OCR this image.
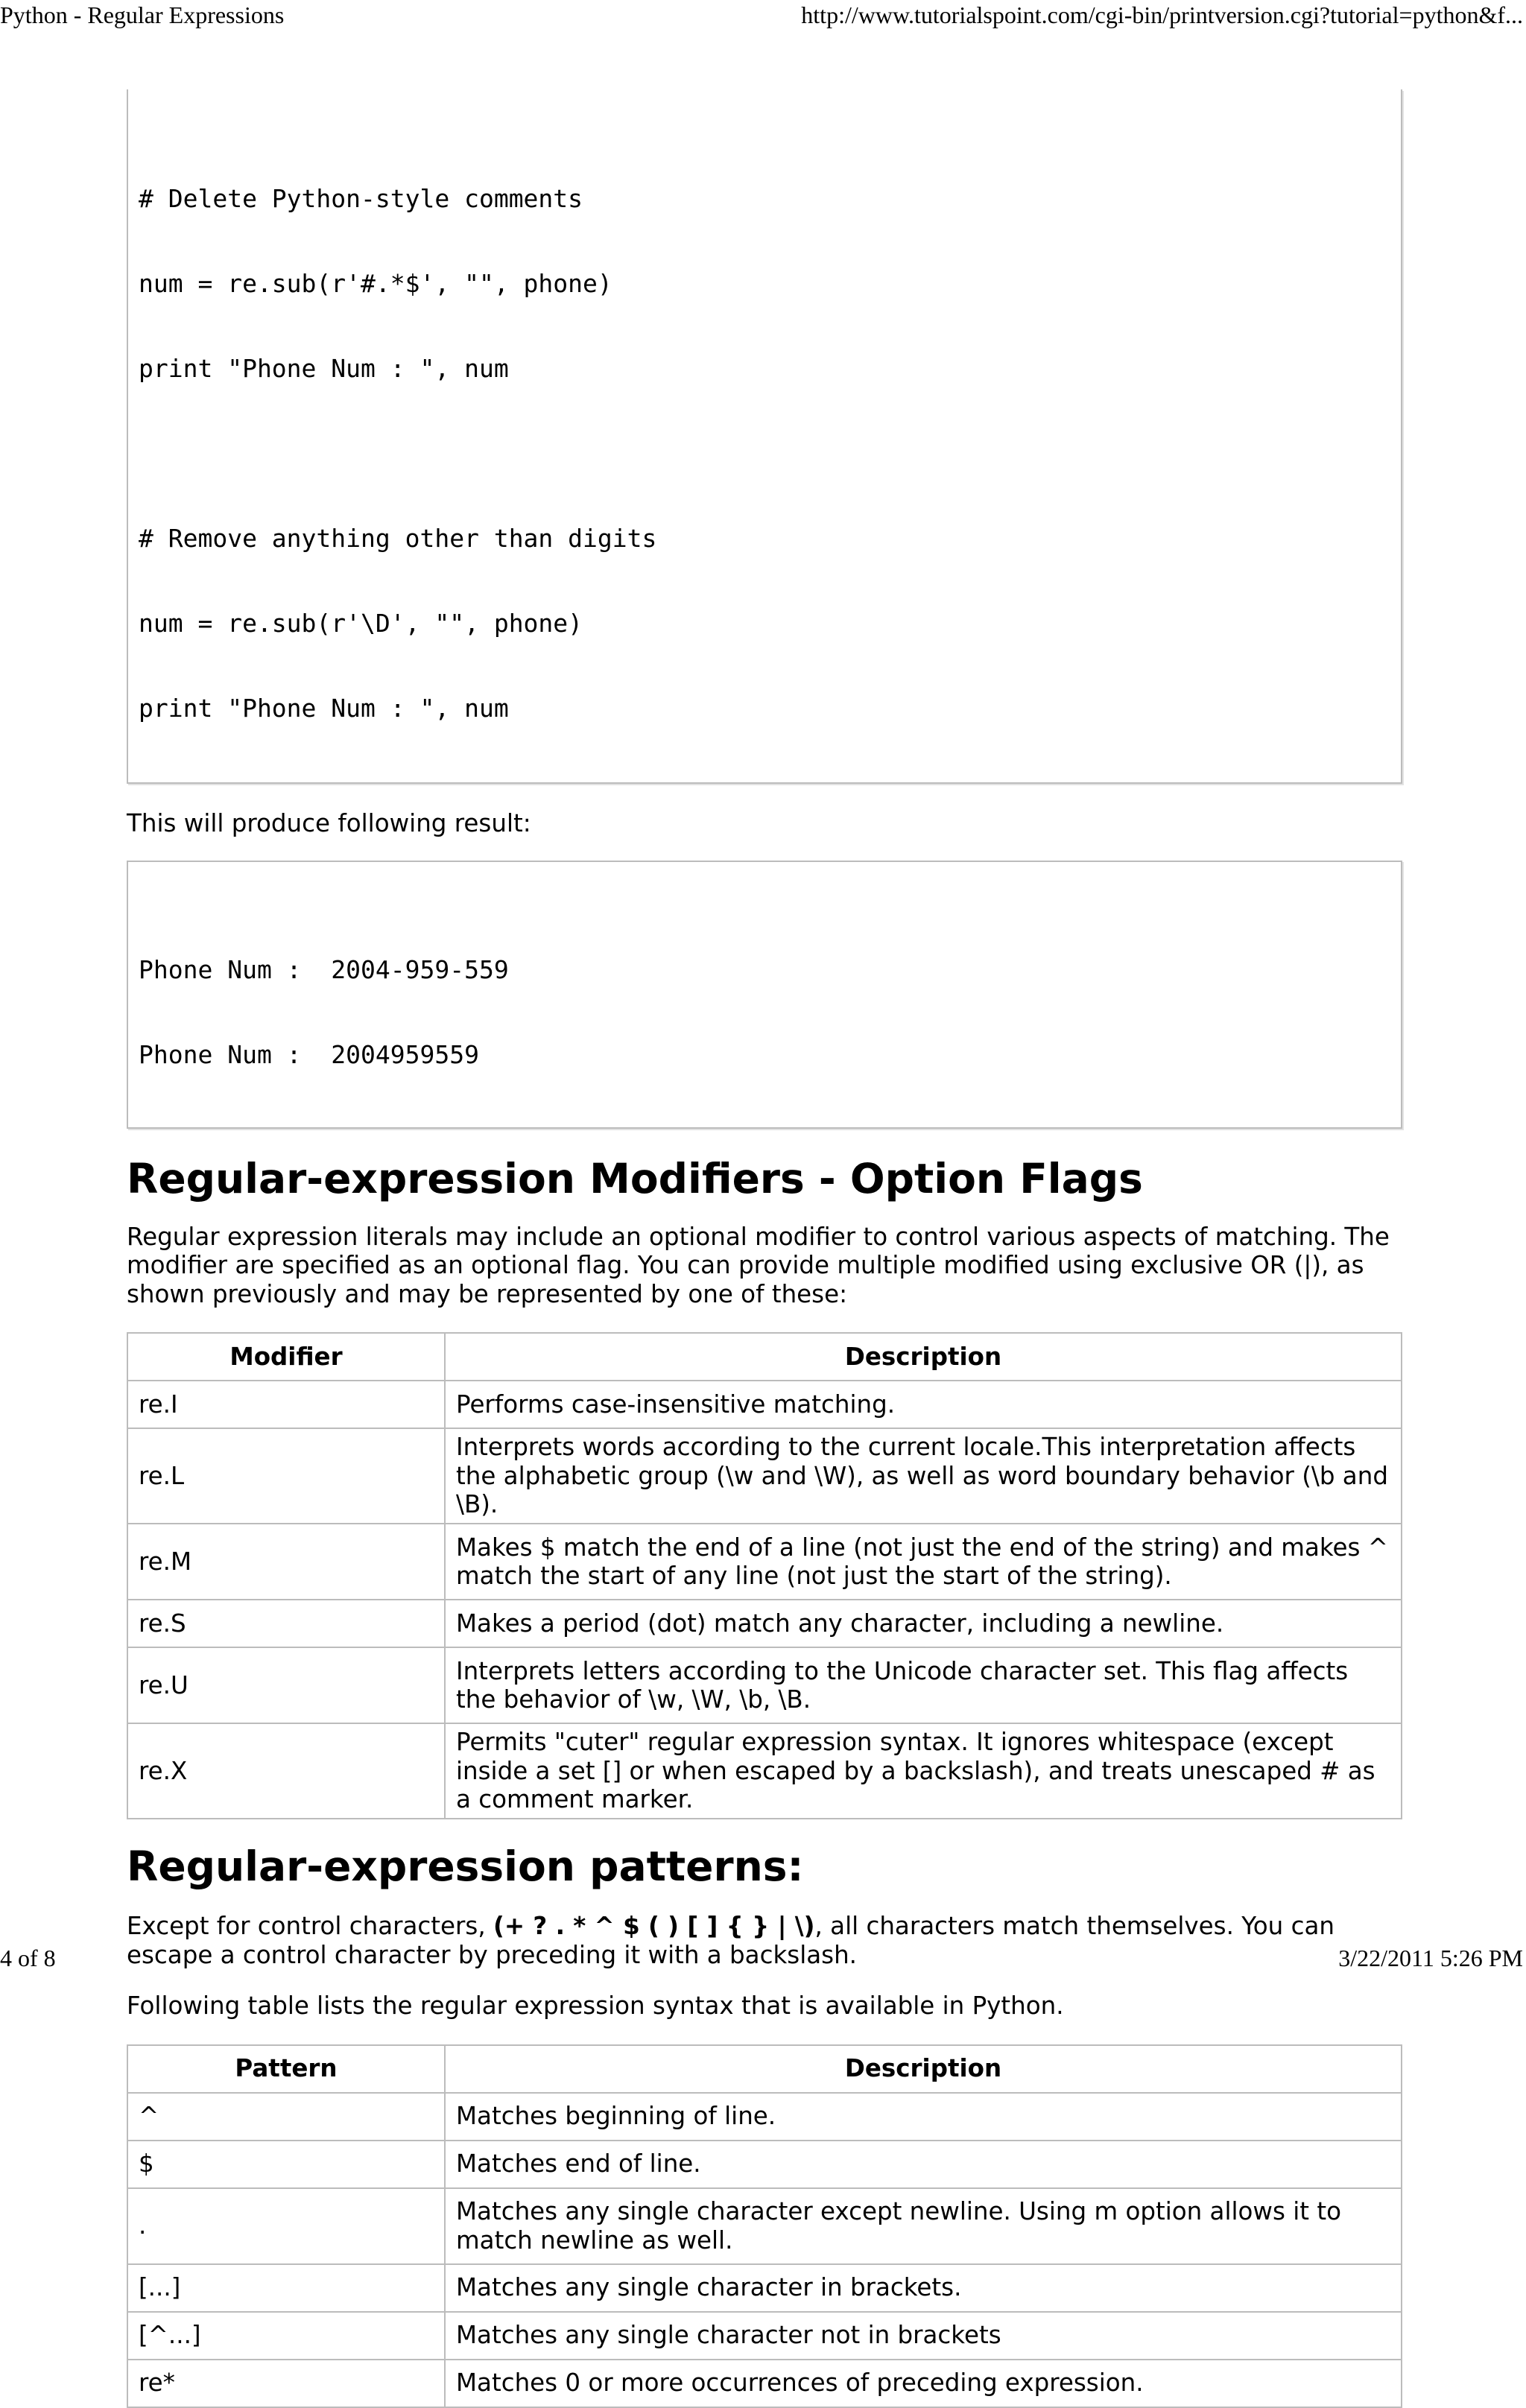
Python - Regular Expressions	http://www.tutorialspoint.com/cgi-bin/printversion.cgi?tutorial=python&f...

# Delete Python-style comments

num = re.sub(r'#.*$', "", phone)

print "Phone Num : ", num

# Remove anything other than digits

num = re.sub(r'\D', "", phone)

print "Phone Num : ", num

This will produce following result:

Phone Num :  2004-959-559

Phone Num :  2004959559

Regular-expression Modifiers - Option Flags

Regular expression literals may include an optional modifier to control various aspects of matching. The modifier are specified as an optional flag. You can provide multiple modified using exclusive OR (|), as shown previously and may be represented by one of these:

Modifier	Description
re.I	Performs case-insensitive matching.
re.L	Interprets words according to the current locale.This interpretation affects the alphabetic group (\w and \W), as well as word boundary behavior (\b and \B).
re.M	Makes $ match the end of a line (not just the end of the string) and makes ^ match the start of any line (not just the start of the string).
re.S	Makes a period (dot) match any character, including a newline.
re.U	Interprets letters according to the Unicode character set. This flag affects the behavior of \w, \W, \b, \B.
re.X	Permits "cuter" regular expression syntax. It ignores whitespace (except inside a set [] or when escaped by a backslash), and treats unescaped # as a comment marker.
Regular-expression patterns:

Except for control characters, (+ ? . * ^ $ ( ) [ ] { } | \), all characters match themselves. You can escape a control character by preceding it with a backslash.

Following table lists the regular expression syntax that is available in Python.

Pattern	Description
^	Matches beginning of line.
$	Matches end of line.
.	Matches any single character except newline. Using m option allows it to match newline as well.
[...]	Matches any single character in brackets.
[^...]	Matches any single character not in brackets
re*	Matches 0 or more occurrences of preceding expression.
4 of 8	3/22/2011 5:26 PM
